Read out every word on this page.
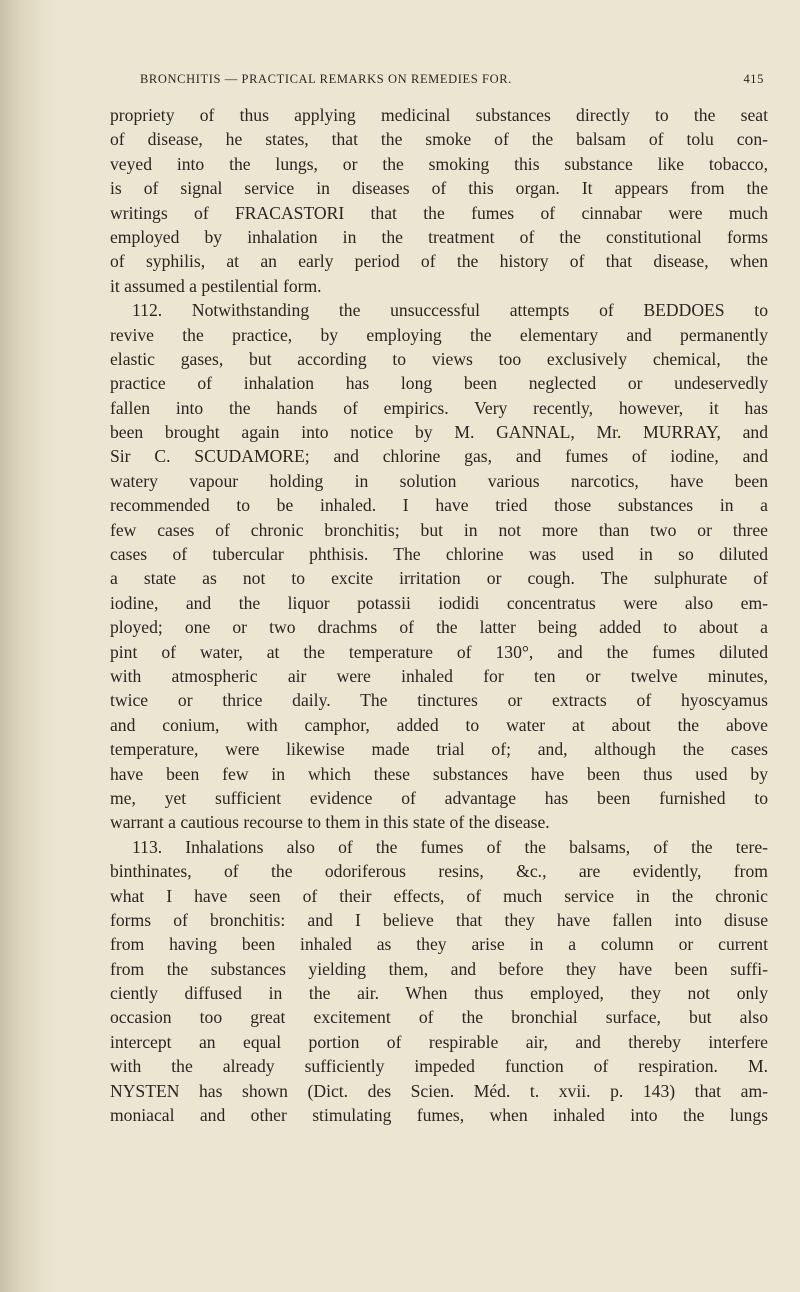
BRONCHITIS — PRACTICAL REMARKS ON REMEDIES FOR.	415
propriety of thus applying medicinal substances directly to the seat
of disease, he states, that the smoke of the balsam of tolu con-
veyed into the lungs, or the smoking this substance like tobacco,
is of signal service in diseases of this organ. It appears from the
writings of FRACASTORI that the fumes of cinnabar were much
employed by inhalation in the treatment of the constitutional forms
of syphilis, at an early period of the history of that disease, when
it assumed a pestilential form.
112. Notwithstanding the unsuccessful attempts of BEDDOES to
revive the practice, by employing the elementary and permanently
elastic gases, but according to views too exclusively chemical, the
practice of inhalation has long been neglected or undeservedly
fallen into the hands of empirics. Very recently, however, it has
been brought again into notice by M. GANNAL, Mr. MURRAY, and
Sir C. SCUDAMORE; and chlorine gas, and fumes of iodine, and
watery vapour holding in solution various narcotics, have been
recommended to be inhaled. I have tried those substances in a
few cases of chronic bronchitis; but in not more than two or three
cases of tubercular phthisis. The chlorine was used in so diluted
a state as not to excite irritation or cough. The sulphurate of
iodine, and the liquor potassii iodidi concentratus were also em-
ployed; one or two drachms of the latter being added to about a
pint of water, at the temperature of 130°, and the fumes diluted
with atmospheric air were inhaled for ten or twelve minutes,
twice or thrice daily. The tinctures or extracts of hyoscyamus
and conium, with camphor, added to water at about the above
temperature, were likewise made trial of; and, although the cases
have been few in which these substances have been thus used by
me, yet sufficient evidence of advantage has been furnished to
warrant a cautious recourse to them in this state of the disease.
113. Inhalations also of the fumes of the balsams, of the tere-
binthinates, of the odoriferous resins, &c., are evidently, from
what I have seen of their effects, of much service in the chronic
forms of bronchitis: and I believe that they have fallen into disuse
from having been inhaled as they arise in a column or current
from the substances yielding them, and before they have been suffi-
ciently diffused in the air. When thus employed, they not only
occasion too great excitement of the bronchial surface, but also
intercept an equal portion of respirable air, and thereby interfere
with the already sufficiently impeded function of respiration. M.
NYSTEN has shown (Dict. des Scien. Méd. t. xvii. p. 143) that am-
moniacal and other stimulating fumes, when inhaled into the lungs
